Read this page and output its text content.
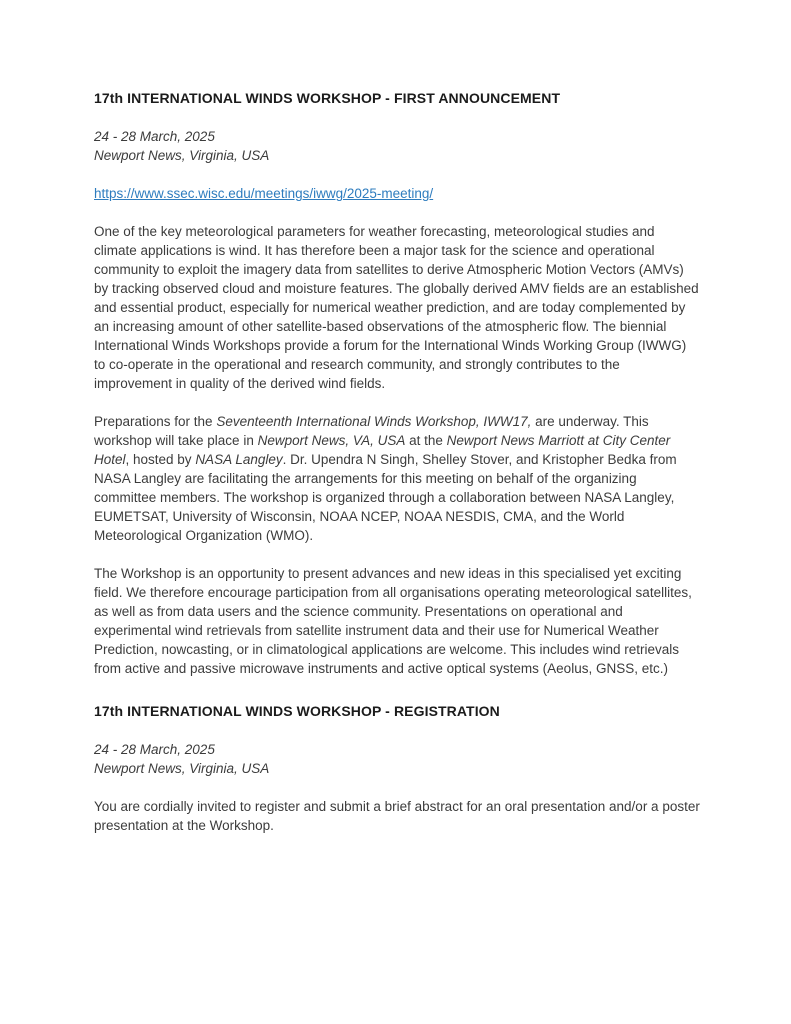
17th INTERNATIONAL WINDS WORKSHOP - FIRST ANNOUNCEMENT
24 - 28 March, 2025
Newport News, Virginia, USA
https://www.ssec.wisc.edu/meetings/iwwg/2025-meeting/
One of the key meteorological parameters for weather forecasting, meteorological studies and climate applications is wind. It has therefore been a major task for the science and operational community to exploit the imagery data from satellites to derive Atmospheric Motion Vectors (AMVs) by tracking observed cloud and moisture features. The globally derived AMV fields are an established and essential product, especially for numerical weather prediction, and are today complemented by an increasing amount of other satellite-based observations of the atmospheric flow. The biennial International Winds Workshops provide a forum for the International Winds Working Group (IWWG) to co-operate in the operational and research community, and strongly contributes to the improvement in quality of the derived wind fields.
Preparations for the Seventeenth International Winds Workshop, IWW17, are underway. This workshop will take place in Newport News, VA, USA at the Newport News Marriott at City Center Hotel, hosted by NASA Langley. Dr. Upendra N Singh, Shelley Stover, and Kristopher Bedka from NASA Langley are facilitating the arrangements for this meeting on behalf of the organizing committee members. The workshop is organized through a collaboration between NASA Langley, EUMETSAT, University of Wisconsin, NOAA NCEP, NOAA NESDIS, CMA, and the World Meteorological Organization (WMO).
The Workshop is an opportunity to present advances and new ideas in this specialised yet exciting field. We therefore encourage participation from all organisations operating meteorological satellites, as well as from data users and the science community. Presentations on operational and experimental wind retrievals from satellite instrument data and their use for Numerical Weather Prediction, nowcasting, or in climatological applications are welcome. This includes wind retrievals from active and passive microwave instruments and active optical systems (Aeolus, GNSS, etc.)
17th INTERNATIONAL WINDS WORKSHOP - REGISTRATION
24 - 28 March, 2025
Newport News, Virginia, USA
You are cordially invited to register and submit a brief abstract for an oral presentation and/or a poster presentation at the Workshop.
